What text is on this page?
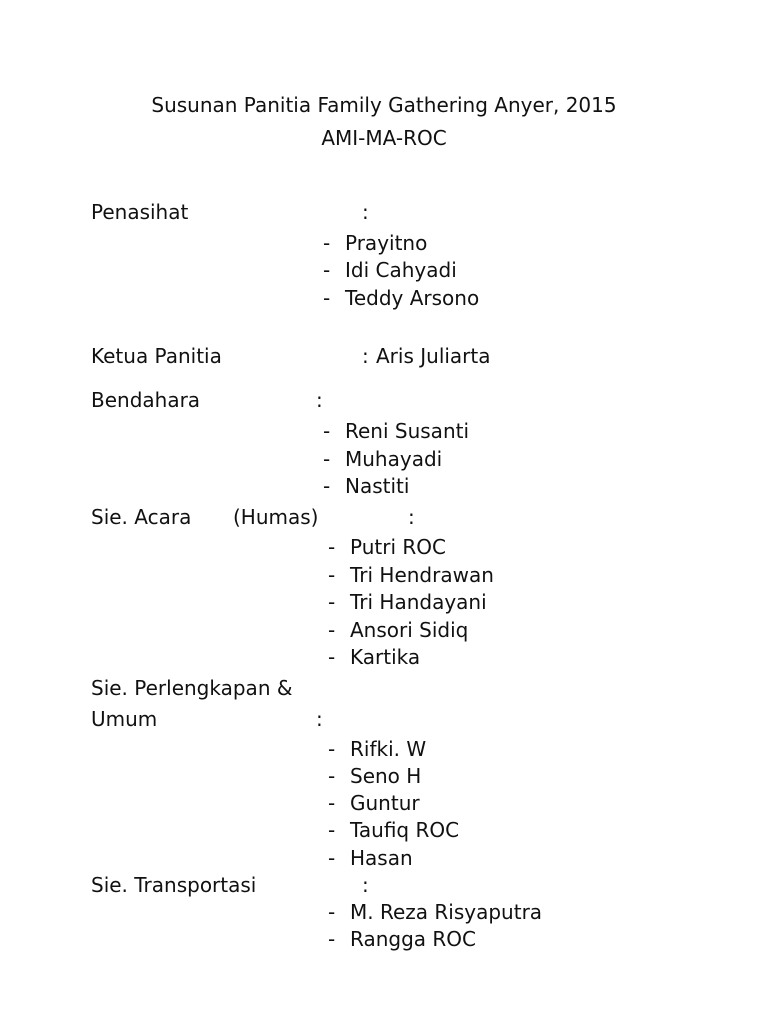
Susunan Panitia Family Gathering Anyer, 2015
AMI-MA-ROC
Penasihat	:
- Prayitno
- Idi Cahyadi
- Teddy Arsono
Ketua Panitia	: Aris Juliarta
Bendahara	:
- Reni Susanti
- Muhayadi
- Nastiti
Sie. Acara (Humas)	:
- Putri ROC
- Tri Hendrawan
- Tri Handayani
- Ansori Sidiq
- Kartika
Sie. Perlengkapan &
Umum	:
- Rifki. W
- Seno H
- Guntur
- Taufiq ROC
- Hasan
Sie. Transportasi	:
- M. Reza Risyaputra
- Rangga ROC
